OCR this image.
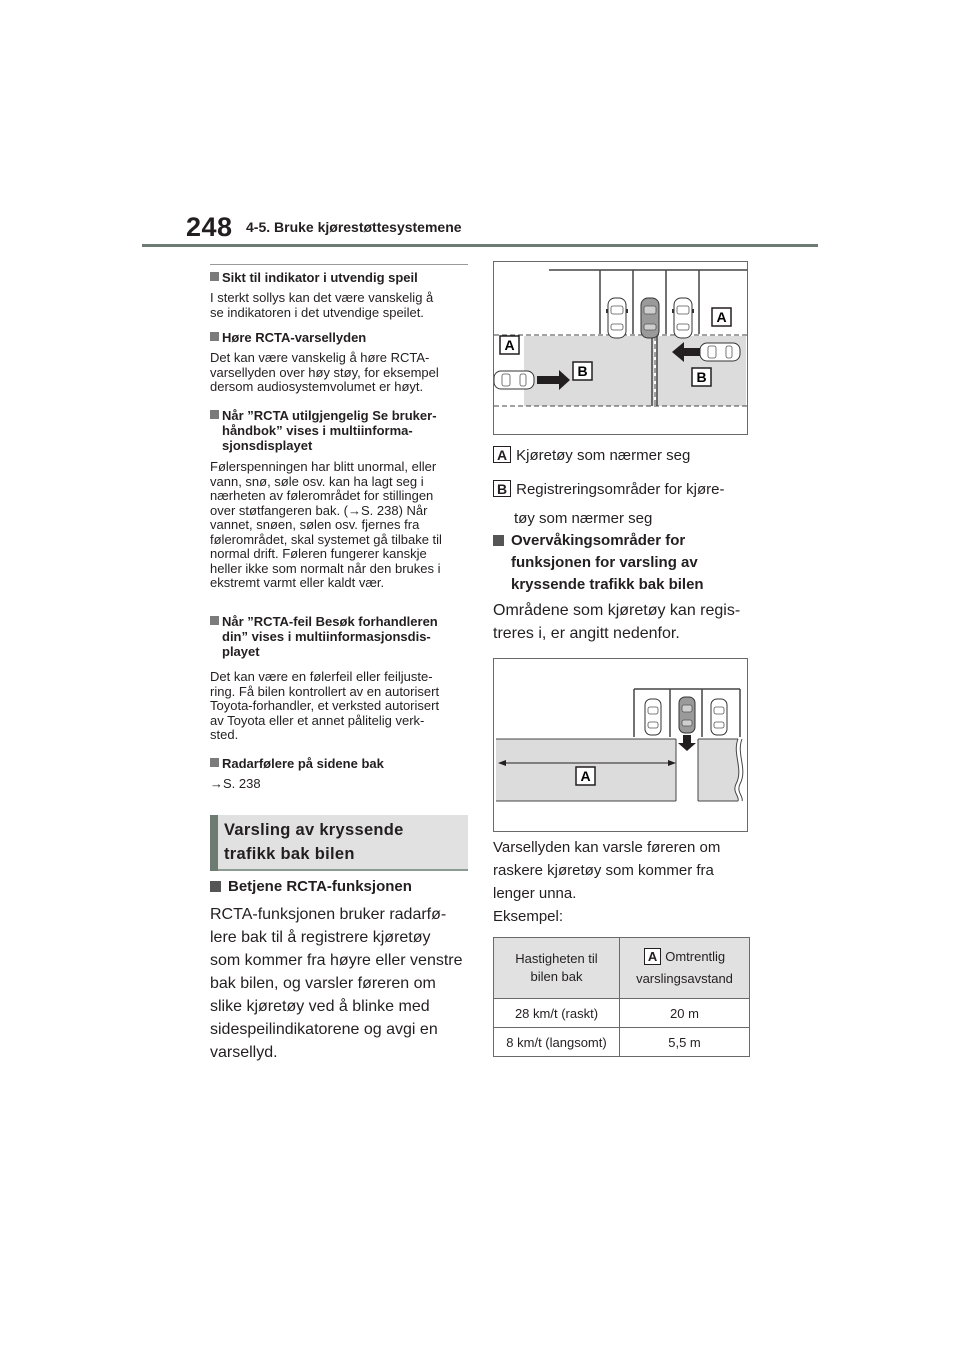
248 4-5. Bruke kjørestøttesystemene
Sikt til indikator i utvendig speil
I sterkt sollys kan det være vanskelig å
se indikatoren i det utvendige speilet.
Høre RCTA-varsellyden
Det kan være vanskelig å høre RCTA-
varsellyden over høy støy, for eksempel
dersom audiosystemvolumet er høyt.
Når ”RCTA utilgjengelig Se bruker-
håndbok” vises i multiinforma-
sjonsdisplayet
Følerspenningen har blitt unormal, eller
vann, snø, søle osv. kan ha lagt seg i
nærheten av følerområdet for stillingen
over støtfangeren bak. (→S. 238) Når
vannet, snøen, sølen osv. fjernes fra
følerområdet, skal systemet gå tilbake til
normal drift. Føleren fungerer kanskje
heller ikke som normalt når den brukes i
ekstremt varmt eller kaldt vær.
Når ”RCTA-feil Besøk forhandleren
din” vises i multiinformasjonsdis-
playet
Det kan være en følerfeil eller feiljuste-
ring. Få bilen kontrollert av en autorisert
Toyota-forhandler, et verksted autorisert
av Toyota eller et annet pålitelig verk-
sted.
Radarfølere på sidene bak
→S. 238
Varsling av kryssende
trafikk bak bilen
Betjene RCTA-funksjonen
RCTA-funksjonen bruker radarfø-
lere bak til å registrere kjøretøy
som kommer fra høyre eller venstre
bak bilen, og varsler føreren om
slike kjøretøy ved å blinke med
sidespeilindikatorene og avgi en
varsellyd.
A
B
A
B
A Kjøretøy som nærmer seg
B Registreringsområder for kjøre-
tøy som nærmer seg
Overvåkingsområder for
funksjonen for varsling av
kryssende trafikk bak bilen
Områdene som kjøretøy kan regis-
treres i, er angitt nedenfor.
A
Varsellyden kan varsle føreren om
raskere kjøretøy som kommer fra
lenger unna.
Eksempel:
Hastigheten til
bilen bak	A Omtrentlig
varslingsavstand

28 km/t (raskt)	20 m
8 km/t (langsomt)	5,5 m
